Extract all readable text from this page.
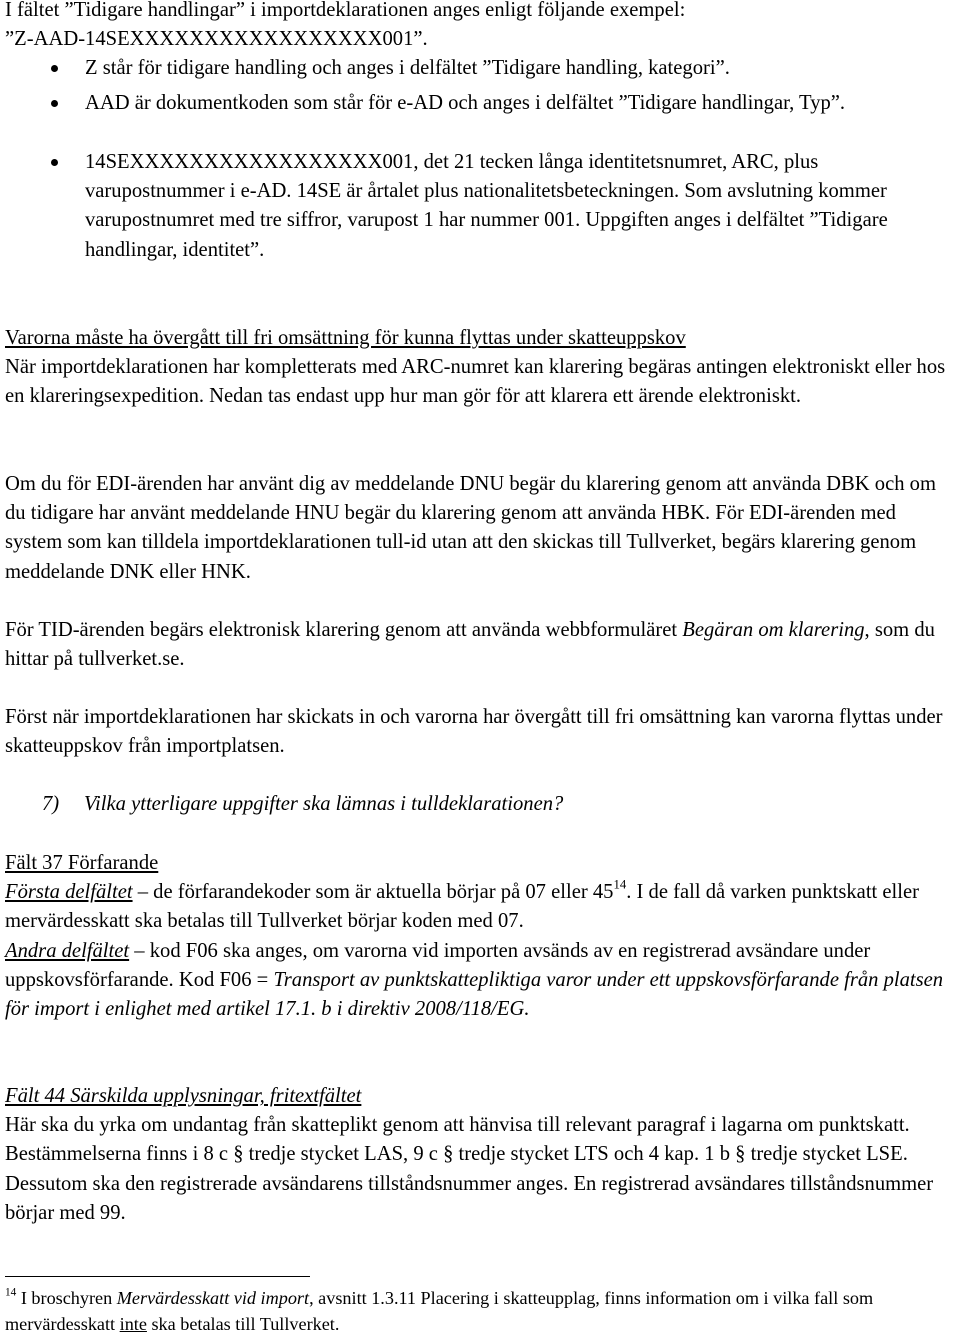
I fältet ”Tidigare handlingar” i importdeklarationen anges enligt följande exempel:
”Z-AAD-14SEXXXXXXXXXXXXXXXXX001”.

Z står för tidigare handling och anges i delfältet ”Tidigare handling, kategori”.
AAD är dokumentkoden som står för e-AD och anges i delfältet ”Tidigare handlingar, Typ”.
14SEXXXXXXXXXXXXXXXXX001, det 21 tecken långa identitetsnumret, ARC, plus varupostnummer i e-AD. 14SE är årtalet plus nationalitetsbeteckningen. Som avslutning kommer varupostnumret med tre siffror, varupost 1 har nummer 001. Uppgiften anges i delfältet ”Tidigare handlingar, identitet”.

Varorna måste ha övergått till fri omsättning för kunna flyttas under skatteuppskov
När importdeklarationen har kompletterats med ARC-numret kan klarering begäras antingen elektroniskt eller hos en klareringsexpedition. Nedan tas endast upp hur man gör för att klarera ett ärende elektroniskt.

Om du för EDI-ärenden har använt dig av meddelande DNU begär du klarering genom att använda DBK och om du tidigare har använt meddelande HNU begär du klarering genom att använda HBK. För EDI-ärenden med system som kan tilldela importdeklarationen tull-id utan att den skickas till Tullverket, begärs klarering genom meddelande DNK eller HNK.

För TID-ärenden begärs elektronisk klarering genom att använda webbformuläret Begäran om klarering, som du hittar på tullverket.se.

Först när importdeklarationen har skickats in och varorna har övergått till fri omsättning kan varorna flyttas under skatteuppskov från importplatsen.

7) Vilka ytterligare uppgifter ska lämnas i tulldeklarationen?

Fält 37 Förfarande
Första delfältet – de förfarandekoder som är aktuella börjar på 07 eller $45^{14}$. I de fall då varken punktskatt eller mervärdesskatt ska betalas till Tullverket börjar koden med 07.
Andra delfältet – kod F06 ska anges, om varorna vid importen avsänds av en registrerad avsändare under uppskovsförfarande. Kod F06 = Transport av punktskattepliktiga varor under ett uppskovsförfarande från platsen för import i enlighet med artikel 17.1. b i direktiv 2008/118/EG.

Fält 44 Särskilda upplysningar, fritextfältet
Här ska du yrka om undantag från skatteplikt genom att hänvisa till relevant paragraf i lagarna om punktskatt. Bestämmelserna finns i 8 c § tredje stycket LAS, 9 c § tredje stycket LTS och 4 kap. 1 b § tredje stycket LSE. Dessutom ska den registrerade avsändarens tillståndsnummer anges. En registrerad avsändares tillståndsnummer börjar med 99.

$^{14}$ I broschyren Mervärdesskatt vid import, avsnitt 1.3.11 Placering i skatteupplag, finns information om i vilka fall som mervärdesskatt inte ska betalas till Tullverket.
